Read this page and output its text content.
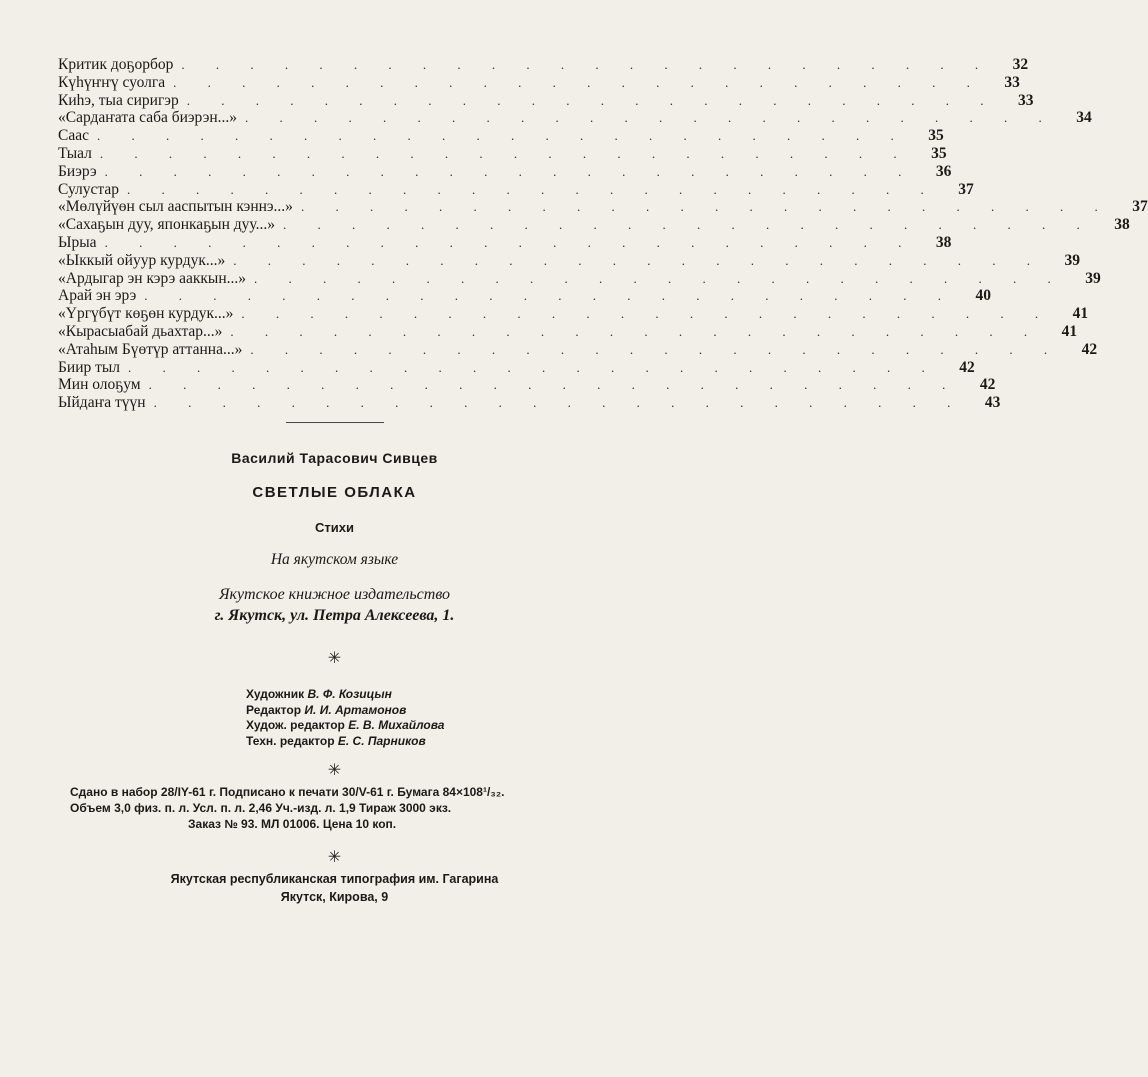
Критик доҕорбор . . . . . . . . . . . . . . . . . . . . . . . .	32
Күһүҥҥү суолга . . . . . . . . . . . . . . . . . . . . . . . .	33
Киһэ, тыа сиригэр . . . . . . . . . . . . . . . . . . . . . . . .	33
«Сардаҥата саба биэрэн...» . . . . . . . . . . . . . . . . . . . . . . . .	34
Саас . . . . . . . . . . . . . . . . . . . . . . . .	35
Тыал . . . . . . . . . . . . . . . . . . . . . . . .	35
Биэрэ . . . . . . . . . . . . . . . . . . . . . . . .	36
Сулустар . . . . . . . . . . . . . . . . . . . . . . . .	37
«Мөлүйүөн сыл ааспытын кэннэ...» . . . . . . . . . . . . . . . . . . . . . . . .	37
«Сахаҕын дуу, японкаҕын дуу...» . . . . . . . . . . . . . . . . . . . . . . . .	38
Ырыа . . . . . . . . . . . . . . . . . . . . . . . .	38
«Ыккый ойуур курдук...» . . . . . . . . . . . . . . . . . . . . . . . .	39
«Ардыгар эн кэрэ ааккын...» . . . . . . . . . . . . . . . . . . . . . . . .	39
Арай эн эрэ . . . . . . . . . . . . . . . . . . . . . . . .	40
«Үргүбүт көҕөн курдук...» . . . . . . . . . . . . . . . . . . . . . . . .	41
«Кырасыабай дьахтар...» . . . . . . . . . . . . . . . . . . . . . . . .	41
«Атаһым Бүөтүр аттанна...» . . . . . . . . . . . . . . . . . . . . . . . .	42
Биир тыл . . . . . . . . . . . . . . . . . . . . . . . .	42
Мин олоҕум . . . . . . . . . . . . . . . . . . . . . . . .	42
Ыйдаҥа түүн . . . . . . . . . . . . . . . . . . . . . . . .	43
Василий Тарасович Сивцев
СВЕТЛЫЕ ОБЛАКА
Стихи
На якутском языке
Якутское книжное издательство
г. Якутск, ул. Петра Алексеева, 1.
✳
Художник В. Ф. Козицын
Редактор И. И. Артамонов
Худож. редактор Е. В. Михайлова
Техн. редактор Е. С. Парников
✳
Сдано в набор 28/IY-61 г. Подписано к печати 30/V-61 г. Бумага 84×108¹/₃₂.
Объем 3,0 физ. п. л. Усл. п. л. 2,46 Уч.-изд. л. 1,9 Тираж 3000 экз.
Заказ № 93. МЛ 01006. Цена 10 коп.
✳
Якутская республиканская типография им. Гагарина
Якутск, Кирова, 9
